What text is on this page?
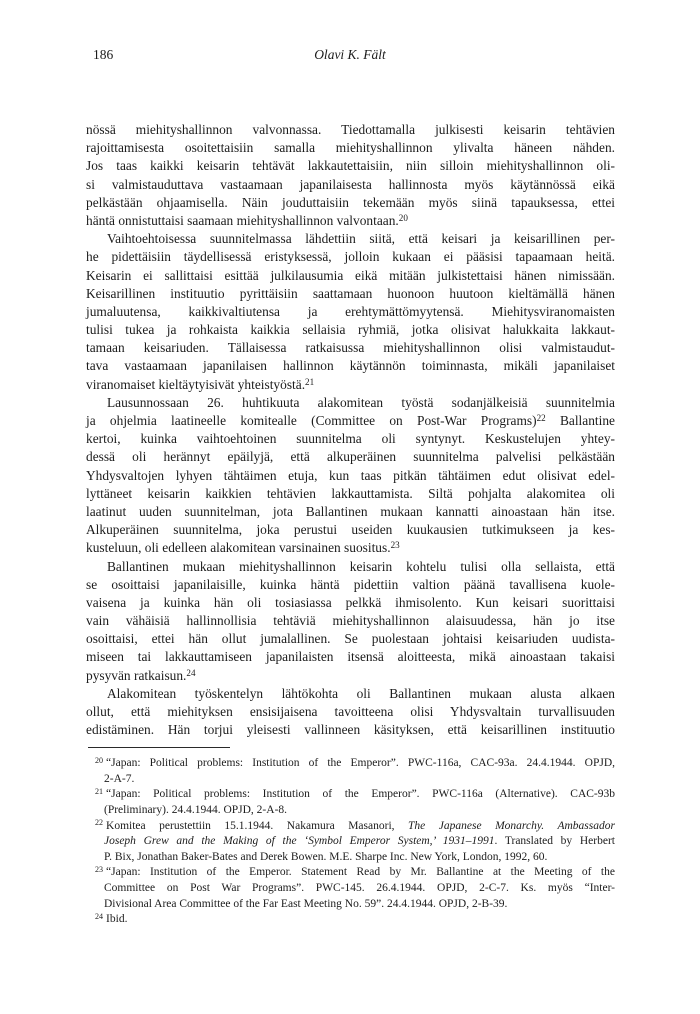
186	Olavi K. Fält
nössä miehityshallinnon valvonnassa. Tiedottamalla julkisesti keisarin tehtävien
rajoittamisesta osoitettaisiin samalla miehityshallinnon ylivalta häneen nähden.
Jos taas kaikki keisarin tehtävät lakkautettaisiin, niin silloin miehityshallinnon oli-
si valmistauduttava vastaamaan japanilaisesta hallinnosta myös käytännössä eikä
pelkästään ohjaamisella. Näin jouduttaisiin tekemään myös siinä tapauksessa, ettei
häntä onnistuttaisi saamaan miehityshallinnon valvontaan.$^{20}$
Vaihtoehtoisessa suunnitelmassa lähdettiin siitä, että keisari ja keisarillinen per-
he pidettäisiin täydellisessä eristyksessä, jolloin kukaan ei pääsisi tapaamaan heitä.
Keisarin ei sallittaisi esittää julkilausumia eikä mitään julkistettaisi hänen nimissään.
Keisarillinen instituutio pyrittäisiin saattamaan huonoon huutoon kieltämällä hänen
jumaluutensa, kaikkivaltiutensa ja erehtymättömyytensä. Miehitysviranomaisten
tulisi tukea ja rohkaista kaikkia sellaisia ryhmiä, jotka olisivat halukkaita lakkaut-
tamaan keisariuden. Tällaisessa ratkaisussa miehityshallinnon olisi valmistaudut-
tava vastaamaan japanilaisen hallinnon käytännön toiminnasta, mikäli japanilaiset
viranomaiset kieltäytyisivät yhteistyöstä.$^{21}$
Lausunnossaan 26. huhtikuuta alakomitean työstä sodanjälkeisiä suunnitelmia
ja ohjelmia laatineelle komitealle (Committee on Post-War Programs)$^{22}$ Ballantine
kertoi, kuinka vaihtoehtoinen suunnitelma oli syntynyt. Keskustelujen yhtey-
dessä oli herännyt epäilyjä, että alkuperäinen suunnitelma palvelisi pelkästään
Yhdysvaltojen lyhyen tähtäimen etuja, kun taas pitkän tähtäimen edut olisivat edel-
lyttäneet keisarin kaikkien tehtävien lakkauttamista. Siltä pohjalta alakomitea oli
laatinut uuden suunnitelman, jota Ballantinen mukaan kannatti ainoastaan hän itse.
Alkuperäinen suunnitelma, joka perustui useiden kuukausien tutkimukseen ja kes-
kusteluun, oli edelleen alakomitean varsinainen suositus.$^{23}$
Ballantinen mukaan miehityshallinnon keisarin kohtelu tulisi olla sellaista, että
se osoittaisi japanilaisille, kuinka häntä pidettiin valtion päänä tavallisena kuole-
vaisena ja kuinka hän oli tosiasiassa pelkkä ihmisolento. Kun keisari suorittaisi
vain vähäisiä hallinnollisia tehtäviä miehityshallinnon alaisuudessa, hän jo itse
osoittaisi, ettei hän ollut jumalallinen. Se puolestaan johtaisi keisariuden uudista-
miseen tai lakkauttamiseen japanilaisten itsensä aloitteesta, mikä ainoastaan takaisi
pysyvän ratkaisun.$^{24}$
Alakomitean työskentelyn lähtökohta oli Ballantinen mukaan alusta alkaen
ollut, että miehityksen ensisijaisena tavoitteena olisi Yhdysvaltain turvallisuuden
edistäminen. Hän torjui yleisesti vallinneen käsityksen, että keisarillinen instituutio
$^{20}$ “Japan: Political problems: Institution of the Emperor”. PWC-116a, CAC-93a. 24.4.1944. OPJD,
2-A-7.
$^{21}$ “Japan: Political problems: Institution of the Emperor”. PWC-116a (Alternative). CAC-93b
(Preliminary). 24.4.1944. OPJD, 2-A-8.
$^{22}$ Komitea perustettiin 15.1.1944. Nakamura Masanori, The Japanese Monarchy. Ambassador
Joseph Grew and the Making of the ‘Symbol Emperor System,’ 1931–1991. Translated by Herbert
P. Bix, Jonathan Baker-Bates and Derek Bowen. M.E. Sharpe Inc. New York, London, 1992, 60.
$^{23}$ “Japan: Institution of the Emperor. Statement Read by Mr. Ballantine at the Meeting of the
Committee on Post War Programs”. PWC-145. 26.4.1944. OPJD, 2-C-7. Ks. myös “Inter-
Divisional Area Committee of the Far East Meeting No. 59”. 24.4.1944. OPJD, 2-B-39.
$^{24}$ Ibid.
